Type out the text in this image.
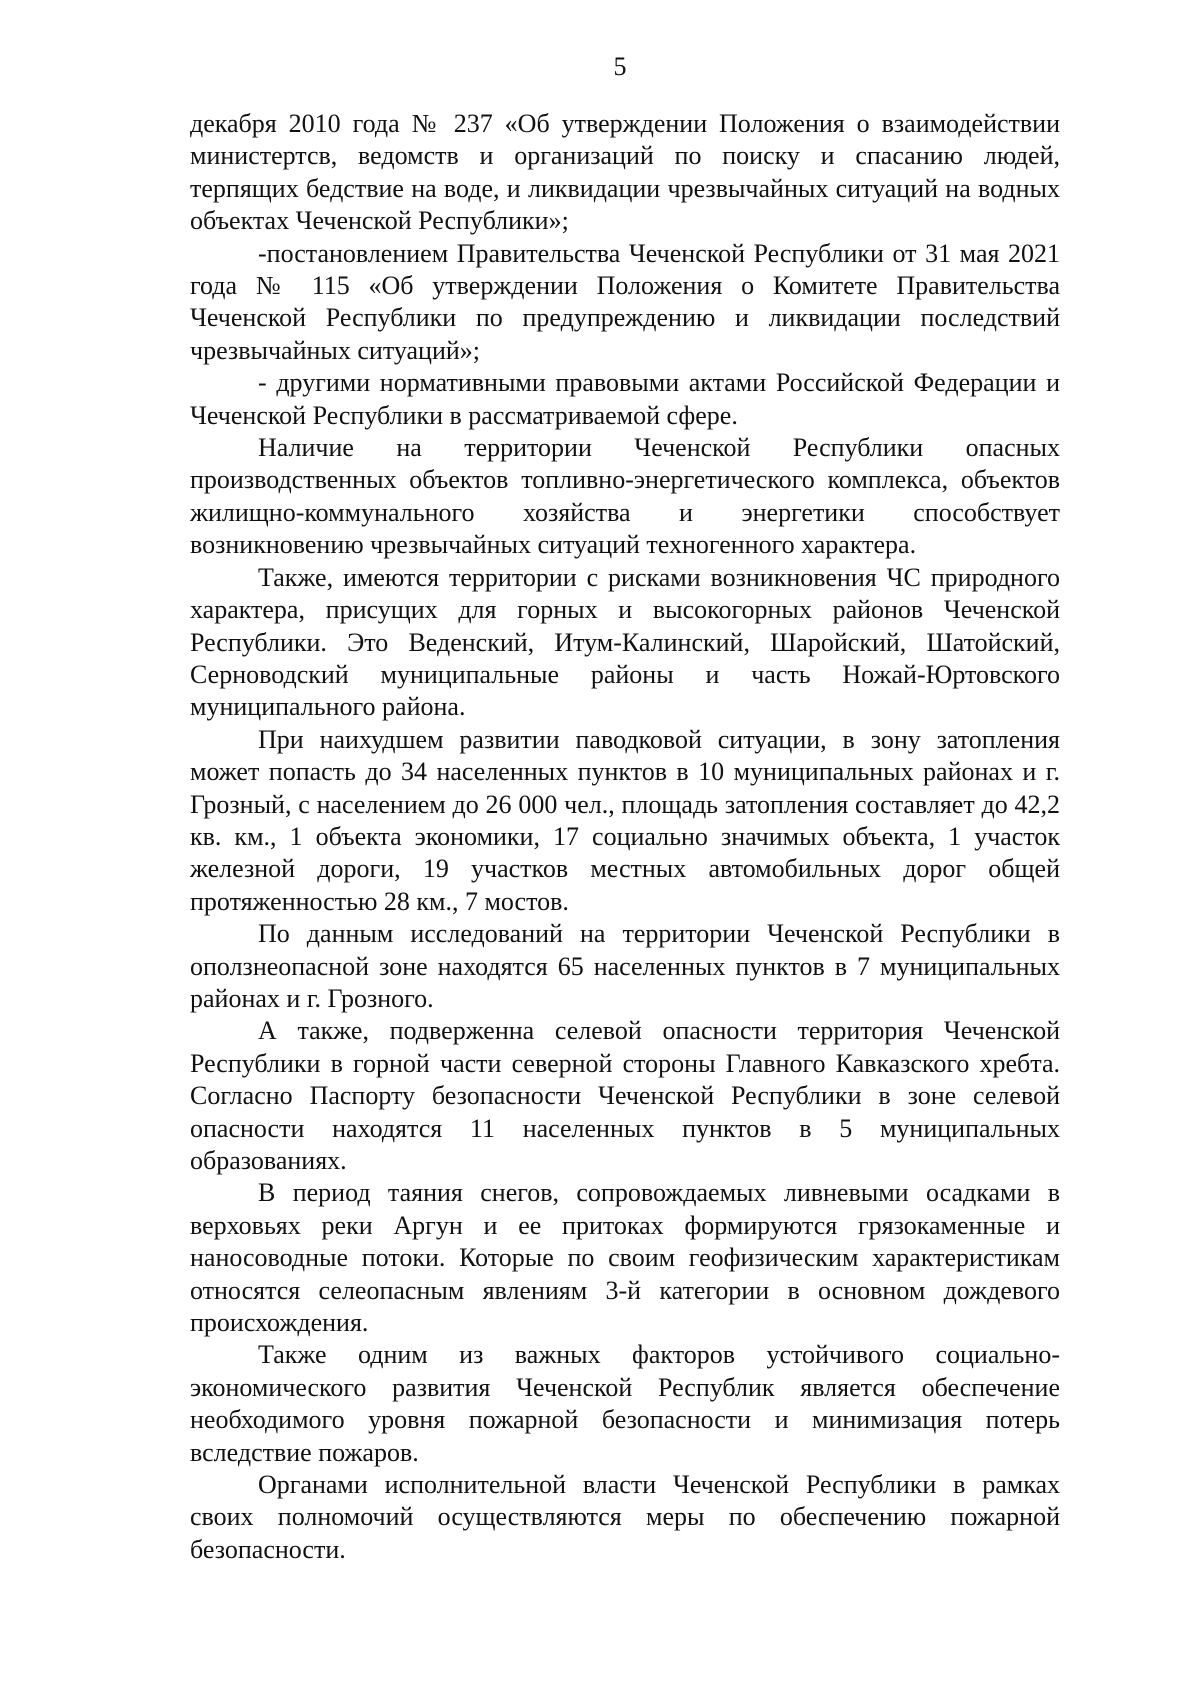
5

декабря 2010 года № 237 «Об утверждении Положения о взаимодействии министертсв, ведомств и организаций по поиску и спасанию людей, терпящих бедствие на воде, и ликвидации чрезвычайных ситуаций на водных объектах Чеченской Республики»;

-постановлением Правительства Чеченской Республики от 31 мая 2021 года № 115 «Об утверждении Положения о Комитете Правительства Чеченской Республики по предупреждению и ликвидации последствий чрезвычайных ситуаций»;

- другими нормативными правовыми актами Российской Федерации и Чеченской Республики в рассматриваемой сфере.

Наличие на территории Чеченской Республики опасных производственных объектов топливно-энергетического комплекса, объектов жилищно-коммунального хозяйства и энергетики способствует возникновению чрезвычайных ситуаций техногенного характера.

Также, имеются территории с рисками возникновения ЧС природного характера, присущих для горных и высокогорных районов Чеченской Республики. Это Веденский, Итум-Калинский, Шаройский, Шатойский, Серноводский муниципальные районы и часть Ножай-Юртовского муниципального района.

При наихудшем развитии паводковой ситуации, в зону затопления может попасть до 34 населенных пунктов в 10 муниципальных районах и г. Грозный, с населением до 26 000 чел., площадь затопления составляет до 42,2 кв. км., 1 объекта экономики, 17 социально значимых объекта, 1 участок железной дороги, 19 участков местных автомобильных дорог общей протяженностью 28 км., 7 мостов.

По данным исследований на территории Чеченской Республики в оползнеопасной зоне находятся 65 населенных пунктов в 7 муниципальных районах и г. Грозного.

А также, подверженна селевой опасности территория Чеченской Республики в горной части северной стороны Главного Кавказского хребта. Согласно Паспорту безопасности Чеченской Республики в зоне селевой опасности находятся 11 населенных пунктов в 5 муниципальных образованиях.

В период таяния снегов, сопровождаемых ливневыми осадками в верховьях реки Аргун и ее притоках формируются грязокаменные и наносоводные потоки. Которые по своим геофизическим характеристикам относятся селеопасным явлениям 3-й категории в основном дождевого происхождения.

Также одним из важных факторов устойчивого социально-экономического развития Чеченской Республик является обеспечение необходимого уровня пожарной безопасности и минимизация потерь вследствие пожаров.

Органами исполнительной власти Чеченской Республики в рамках своих полномочий осуществляются меры по обеспечению пожарной безопасности.
